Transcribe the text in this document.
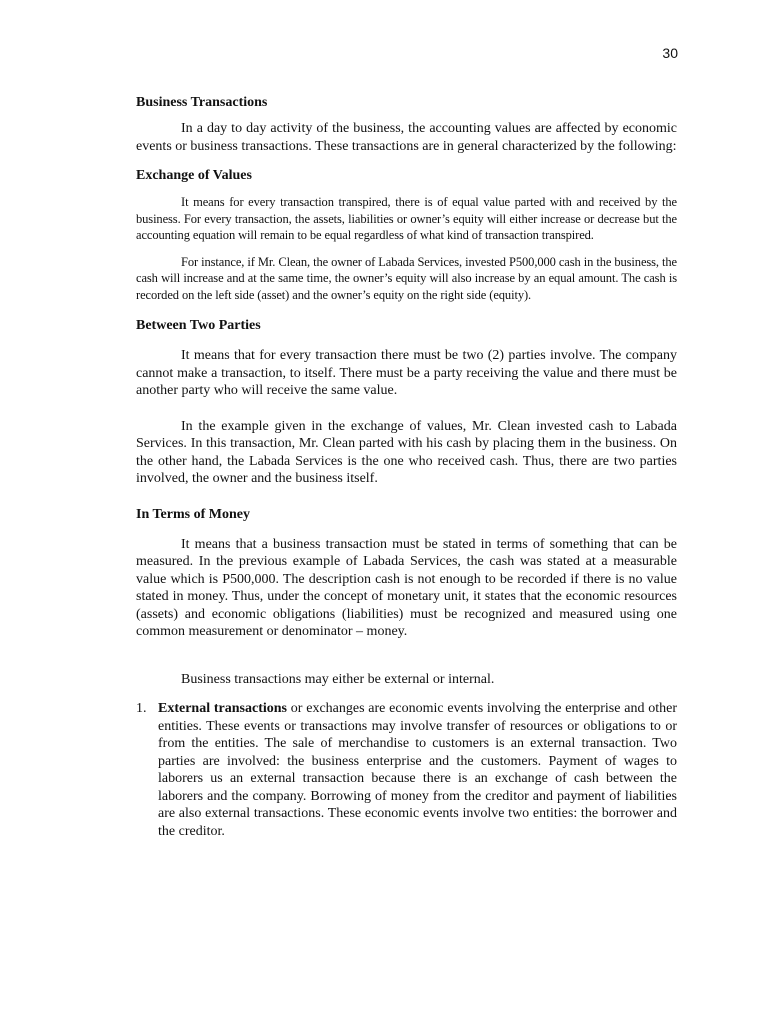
30
Business Transactions

In a day to day activity of the business, the accounting values are affected by economic events or business transactions. These transactions are in general characterized by the following:

Exchange of Values

It means for every transaction transpired, there is of equal value parted with and received by the business. For every transaction, the assets, liabilities or owner’s equity will either increase or decrease but the accounting equation will remain to be equal regardless of what kind of transaction transpired.

For instance, if Mr. Clean, the owner of Labada Services, invested P500,000 cash in the business, the cash will increase and at the same time, the owner’s equity will also increase by an equal amount. The cash is recorded on the left side (asset) and the owner’s equity on the right side (equity).

Between Two Parties

It means that for every transaction there must be two (2) parties involve. The company cannot make a transaction, to itself. There must be a party receiving the value and there must be another party who will receive the same value.

In the example given in the exchange of values, Mr. Clean invested cash to Labada Services. In this transaction, Mr. Clean parted with his cash by placing them in the business. On the other hand, the Labada Services is the one who received cash. Thus, there are two parties involved, the owner and the business itself.

In Terms of Money

It means that a business transaction must be stated in terms of something that can be measured. In the previous example of Labada Services, the cash was stated at a measurable value which is P500,000. The description cash is not enough to be recorded if there is no value stated in money. Thus, under the concept of monetary unit, it states that the economic resources (assets) and economic obligations (liabilities) must be recognized and measured using one common measurement or denominator – money.

Business transactions may either be external or internal.

1. External transactions or exchanges are economic events involving the enterprise and other entities. These events or transactions may involve transfer of resources or obligations to or from the entities. The sale of merchandise to customers is an external transaction. Two parties are involved: the business enterprise and the customers. Payment of wages to laborers us an external transaction because there is an exchange of cash between the laborers and the company. Borrowing of money from the creditor and payment of liabilities are also external transactions. These economic events involve two entities: the borrower and the creditor.
